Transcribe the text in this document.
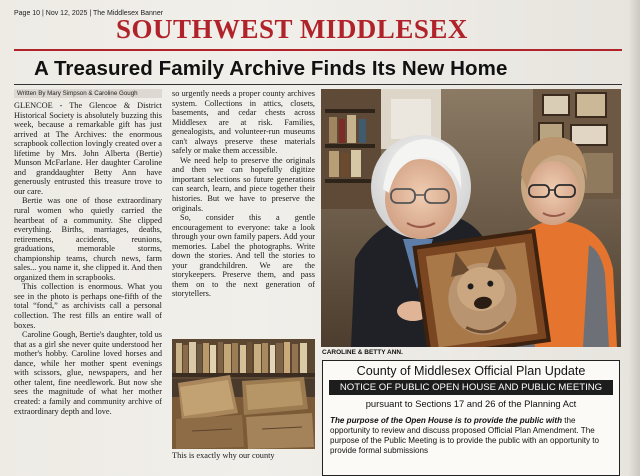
Page 10 | Nov 12, 2025 | The Middlesex Banner
SOUTHWEST MIDDLESEX
A Treasured Family Archive Finds Its New Home
Written By Mary Simpson & Caroline Gough

GLENCOE - The Glencoe & District Historical Society is absolutely buzzing this week, because a remarkable gift has just arrived at The Archives: the enormous scrapbook collection lovingly created over a lifetime by Mrs. John Alberta (Bertie) Munson McFarlane. Her daughter Caroline and granddaughter Betty Ann have generously entrusted this treasure trove to our care.

Bertie was one of those extraordinary rural women who quietly carried the heartbeat of a community. She clipped everything. Births, marriages, deaths, retirements, accidents, reunions, graduations, memorable storms, championship teams, church news, farm sales... you name it, she clipped it. And then organized them in scrapbooks.

This collection is enormous. What you see in the photo is perhaps one-fifth of the total “fond,” as archivists call a personal collection. The rest fills an entire wall of boxes.

Caroline Gough, Bertie's daughter, told us that as a girl she never quite understood her mother's hobby. Caroline loved horses and dance, while her mother spent evenings with scissors, glue, newspapers, and her other talent, fine needlework. But now she sees the magnitude of what her mother created: a family and community archive of extraordinary depth and love.

so urgently needs a proper county archives system. Collections in attics, closets, basements, and cedar chests across Middlesex are at risk. Families, genealogists, and volunteer-run museums can't always preserve these materials safely or make them accessible.

We need help to preserve the originals and then we can hopefully digitize important selections so future generations can search, learn, and piece together their histories. But we have to preserve the originals.

So, consider this a gentle encouragement to everyone: take a look through your own family papers. Add your memories. Label the photographs. Write down the stories. And tell the stories to your grandchildren. We are the storykeepers. Preserve them, and pass them on to the next generation of storytellers.

This is exactly why our county

CAROLINE & BETTY ANN.
County of Middlesex Official Plan Update
NOTICE OF PUBLIC OPEN HOUSE AND PUBLIC MEETING
pursuant to Sections 17 and 26 of the Planning Act
The purpose of the Open House is to provide the public with the opportunity to review and discuss proposed Official Plan Amendment. The purpose of the Public Meeting is to provide the public with an opportunity to provide formal submissions
